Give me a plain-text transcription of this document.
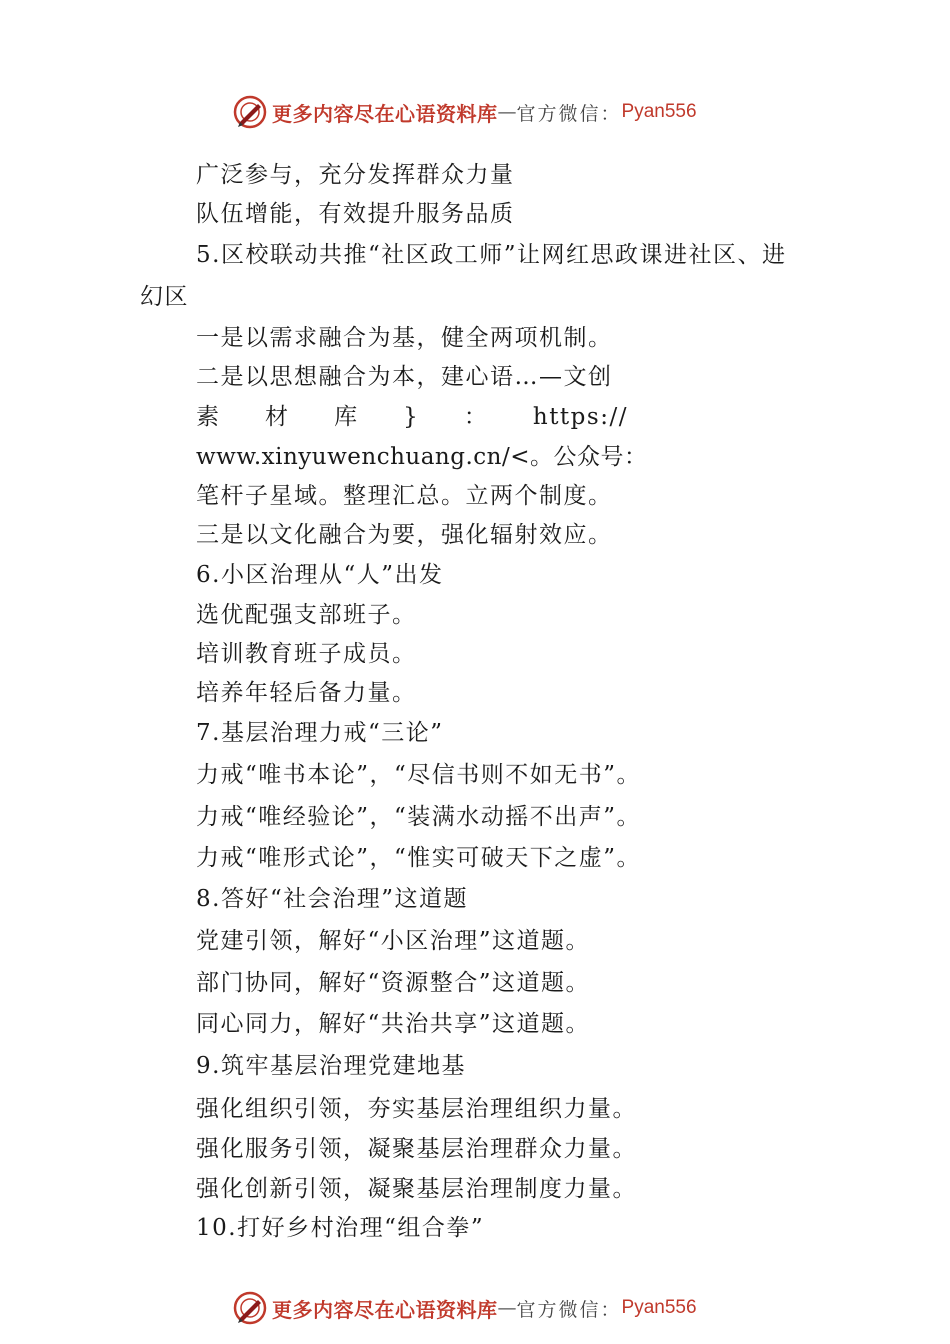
更多内容尽在心语资料库 — 官方微信： Pyan556
广泛参与，充分发挥群众力量
队伍增能，有效提升服务品质
5.区校联动共推“社区政工师”让网红思政课进社区、进
幻区
一是以需求融合为基，健全两项机制。
二是以思想融合为本，建心语…—文创
素 材 库 } ： https://
www.xinyuwenchuang.cn/<。公众号：
笔杆子星域。整理汇总。立两个制度。
三是以文化融合为要，强化辐射效应。
6.小区治理从“人”出发
选优配强支部班子。
培训教育班子成员。
培养年轻后备力量。
7.基层治理力戒“三论”
力戒“唯书本论”，“尽信书则不如无书”。
力戒“唯经验论”，“装满水动摇不出声”。
力戒“唯形式论”，“惟实可破天下之虚”。
8.答好“社会治理”这道题
党建引领，解好“小区治理”这道题。
部门协同，解好“资源整合”这道题。
同心同力，解好“共治共享”这道题。
9.筑牢基层治理党建地基
强化组织引领，夯实基层治理组织力量。
强化服务引领，凝聚基层治理群众力量。
强化创新引领，凝聚基层治理制度力量。
10.打好乡村治理“组合拳”
更多内容尽在心语资料库 — 官方微信： Pyan556
